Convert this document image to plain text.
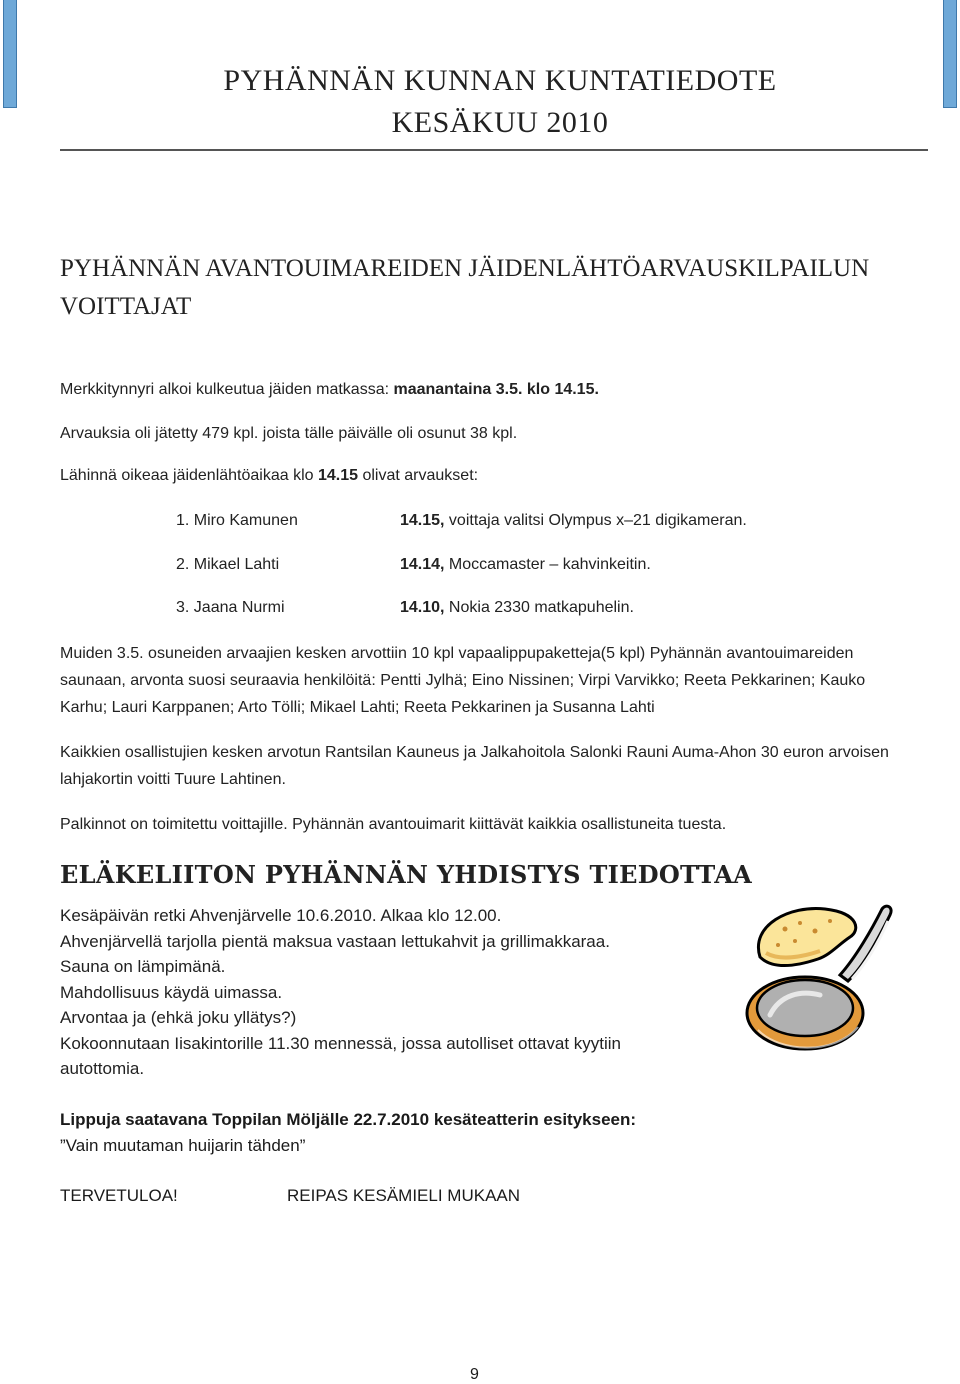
PYHÄNNÄN KUNNAN KUNTATIEDOTE
KESÄKUU 2010
PYHÄNNÄN AVANTOUIMAREIDEN JÄIDENLÄHTÖARVAUSKILPAILUN
VOITTAJAT
Merkkitynnyri alkoi kulkeutua jäiden matkassa: maanantaina 3.5. klo 14.15.
Arvauksia oli jätetty 479 kpl. joista tälle päivälle oli osunut 38 kpl.
Lähinnä oikeaa jäidenlähtöaikaa klo 14.15 olivat arvaukset:
1. Miro Kamunen	14.15, voittaja valitsi Olympus x–21 digikameran.
2. Mikael Lahti	14.14, Moccamaster – kahvinkeitin.
3. Jaana Nurmi	14.10, Nokia 2330 matkapuhelin.
Muiden 3.5. osuneiden arvaajien kesken arvottiin 10 kpl vapaalippupaketteja(5 kpl) Pyhännän avantouimareiden saunaan, arvonta suosi seuraavia henkilöitä: Pentti Jylhä; Eino Nissinen; Virpi Varvikko; Reeta Pekkarinen; Kauko Karhu; Lauri Karppanen; Arto Tölli; Mikael Lahti; Reeta Pekkarinen ja Susanna Lahti
Kaikkien osallistujien kesken arvotun Rantsilan Kauneus ja Jalkahoitola Salonki Rauni Auma-Ahon 30 euron arvoisen lahjakortin voitti Tuure Lahtinen.
Palkinnot on toimitettu voittajille. Pyhännän avantouimarit kiittävät kaikkia osallistuneita tuesta.
ELÄKELIITON PYHÄNNÄN YHDISTYS TIEDOTTAA
Kesäpäivän retki Ahvenjärvelle 10.6.2010. Alkaa klo 12.00.
Ahvenjärvellä tarjolla pientä maksua vastaan lettukahvit ja grillimakkaraa.
Sauna on lämpimänä.
Mahdollisuus käydä uimassa.
Arvontaa ja (ehkä joku yllätys?)
Kokoonnutaan Iisakintorille 11.30 mennessä, jossa autolliset ottavat kyytiin
autottomia.
Lippuja saatavana Toppilan Möljälle 22.7.2010 kesäteatterin esitykseen:
”Vain muutaman huijarin tähden”
TERVETULOA!	REIPAS KESÄMIELI MUKAAN
9
